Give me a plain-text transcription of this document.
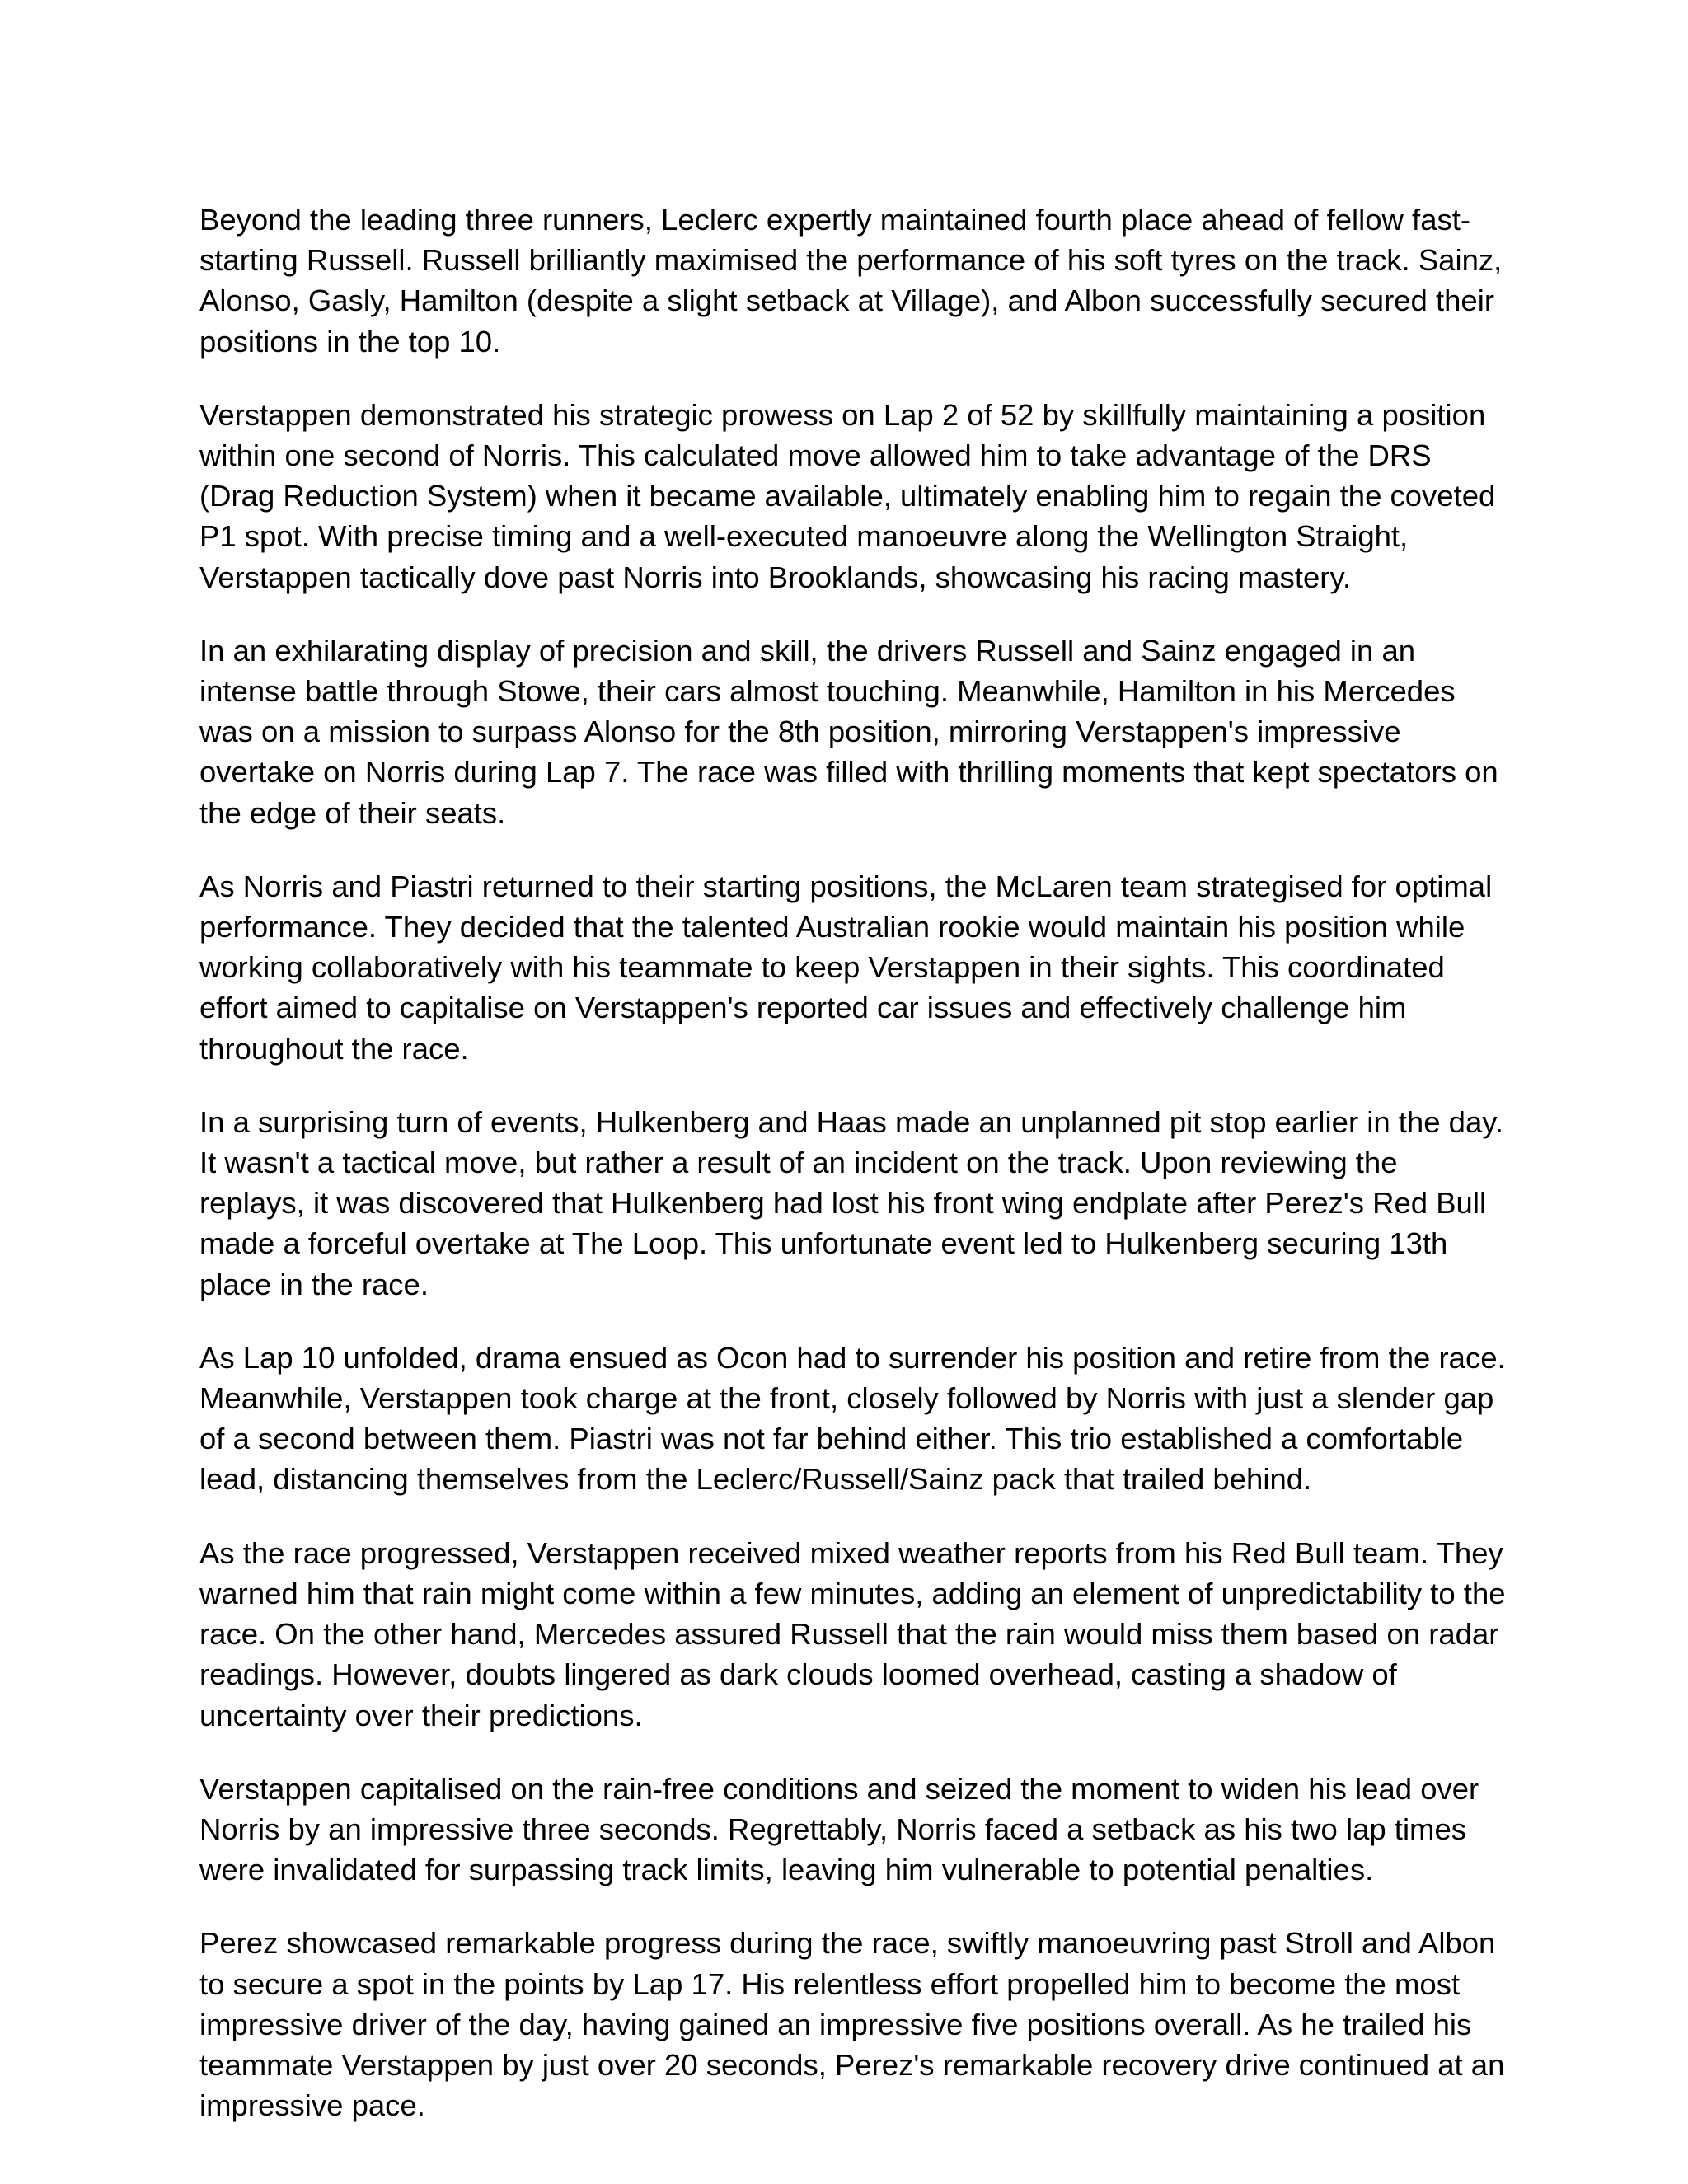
Beyond the leading three runners, Leclerc expertly maintained fourth place ahead of fellow fast-starting Russell. Russell brilliantly maximised the performance of his soft tyres on the track. Sainz, Alonso, Gasly, Hamilton (despite a slight setback at Village), and Albon successfully secured their positions in the top 10.

Verstappen demonstrated his strategic prowess on Lap 2 of 52 by skillfully maintaining a position within one second of Norris. This calculated move allowed him to take advantage of the DRS (Drag Reduction System) when it became available, ultimately enabling him to regain the coveted P1 spot. With precise timing and a well-executed manoeuvre along the Wellington Straight, Verstappen tactically dove past Norris into Brooklands, showcasing his racing mastery.

In an exhilarating display of precision and skill, the drivers Russell and Sainz engaged in an intense battle through Stowe, their cars almost touching. Meanwhile, Hamilton in his Mercedes was on a mission to surpass Alonso for the 8th position, mirroring Verstappen's impressive overtake on Norris during Lap 7. The race was filled with thrilling moments that kept spectators on the edge of their seats.

As Norris and Piastri returned to their starting positions, the McLaren team strategised for optimal performance. They decided that the talented Australian rookie would maintain his position while working collaboratively with his teammate to keep Verstappen in their sights. This coordinated effort aimed to capitalise on Verstappen's reported car issues and effectively challenge him throughout the race.

In a surprising turn of events, Hulkenberg and Haas made an unplanned pit stop earlier in the day. It wasn't a tactical move, but rather a result of an incident on the track. Upon reviewing the replays, it was discovered that Hulkenberg had lost his front wing endplate after Perez's Red Bull made a forceful overtake at The Loop. This unfortunate event led to Hulkenberg securing 13th place in the race.

As Lap 10 unfolded, drama ensued as Ocon had to surrender his position and retire from the race. Meanwhile, Verstappen took charge at the front, closely followed by Norris with just a slender gap of a second between them. Piastri was not far behind either. This trio established a comfortable lead, distancing themselves from the Leclerc/Russell/Sainz pack that trailed behind.

As the race progressed, Verstappen received mixed weather reports from his Red Bull team. They warned him that rain might come within a few minutes, adding an element of unpredictability to the race. On the other hand, Mercedes assured Russell that the rain would miss them based on radar readings. However, doubts lingered as dark clouds loomed overhead, casting a shadow of uncertainty over their predictions.

Verstappen capitalised on the rain-free conditions and seized the moment to widen his lead over Norris by an impressive three seconds. Regrettably, Norris faced a setback as his two lap times were invalidated for surpassing track limits, leaving him vulnerable to potential penalties.

Perez showcased remarkable progress during the race, swiftly manoeuvring past Stroll and Albon to secure a spot in the points by Lap 17. His relentless effort propelled him to become the most impressive driver of the day, having gained an impressive five positions overall. As he trailed his teammate Verstappen by just over 20 seconds, Perez's remarkable recovery drive continued at an impressive pace.
